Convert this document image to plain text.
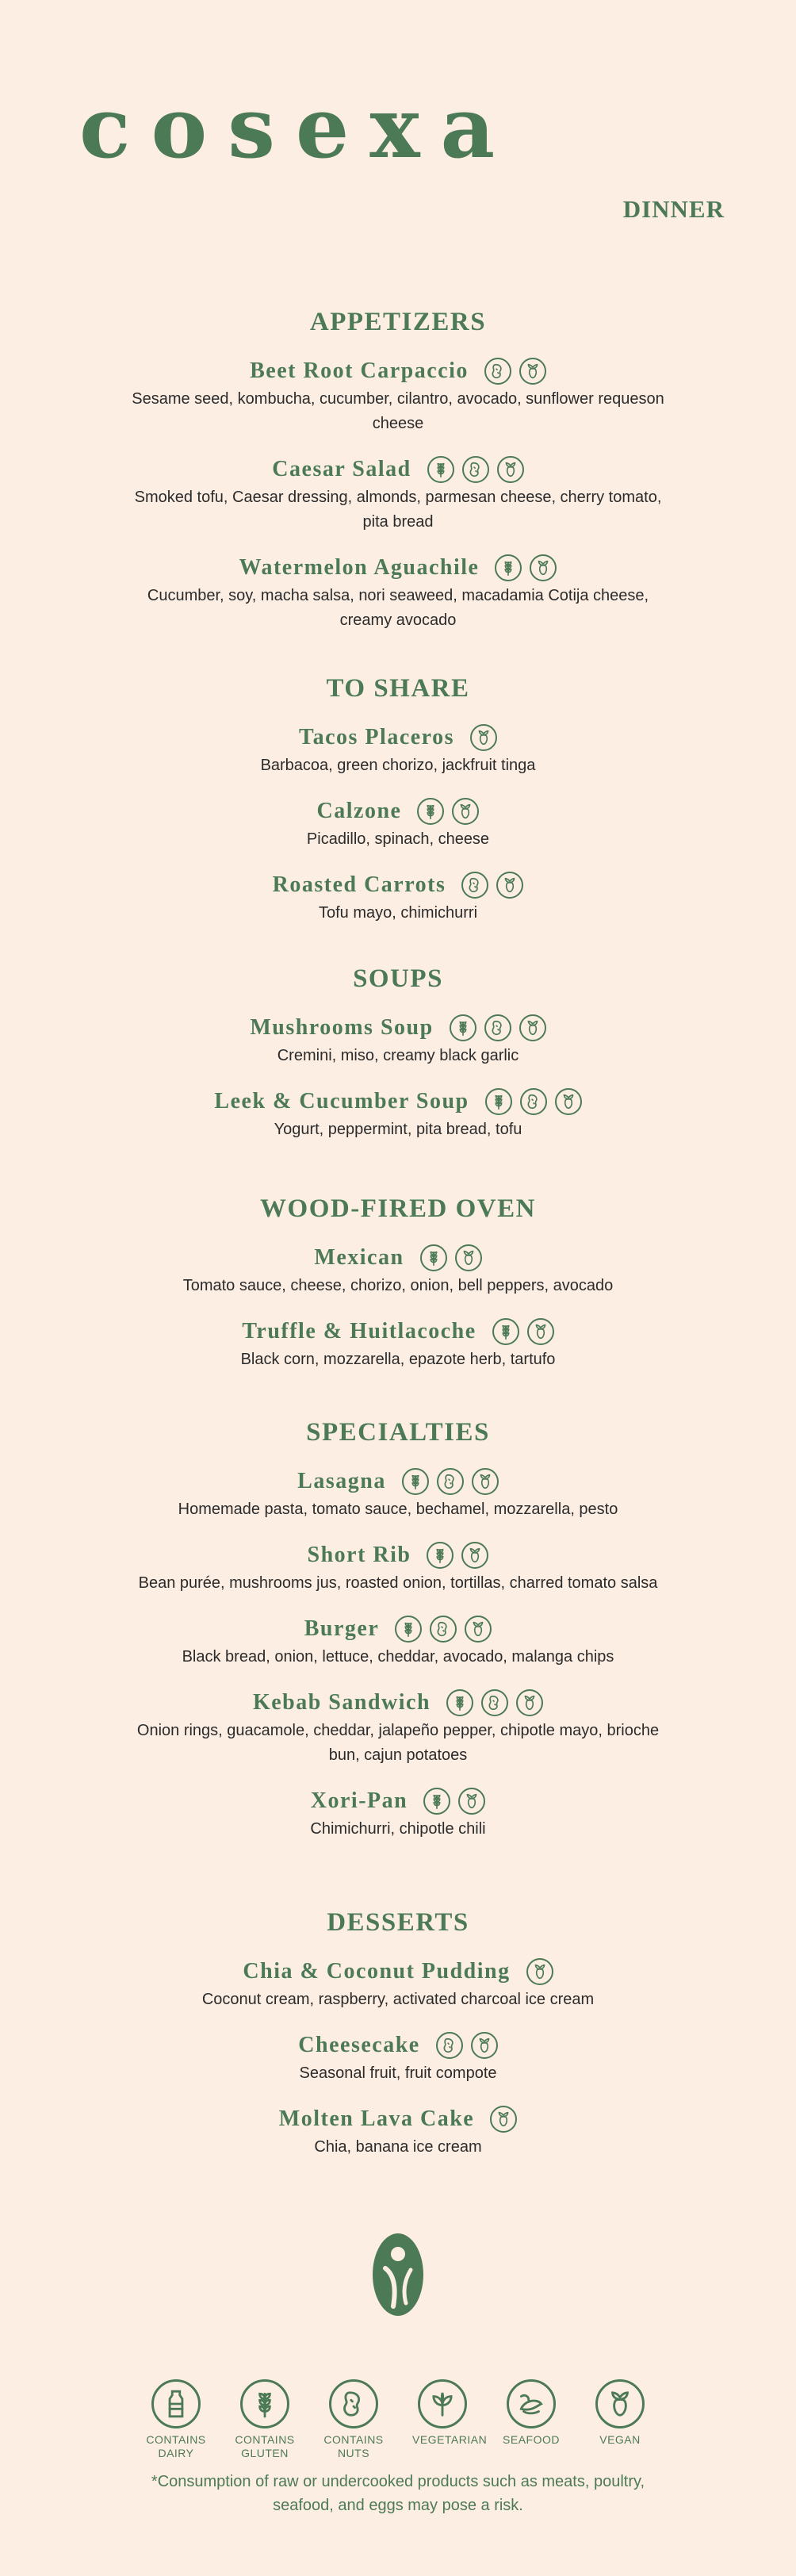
cosexa
DINNER
APPETIZERS
Beet Root Carpaccio
Sesame seed, kombucha, cucumber, cilantro, avocado, sunflower requeson cheese
Caesar Salad
Smoked tofu, Caesar dressing, almonds, parmesan cheese, cherry tomato, pita bread
Watermelon Aguachile
Cucumber, soy, macha salsa, nori seaweed, macadamia Cotija cheese, creamy avocado
TO SHARE
Tacos Placeros
Barbacoa, green chorizo, jackfruit tinga
Calzone
Picadillo, spinach, cheese
Roasted Carrots
Tofu mayo, chimichurri
SOUPS
Mushrooms Soup
Cremini, miso, creamy black garlic
Leek & Cucumber Soup
Yogurt, peppermint, pita bread, tofu
WOOD-FIRED OVEN
Mexican
Tomato sauce, cheese, chorizo, onion, bell peppers, avocado
Truffle & Huitlacoche
Black corn, mozzarella, epazote herb, tartufo
SPECIALTIES
Lasagna
Homemade pasta, tomato sauce, bechamel, mozzarella, pesto
Short Rib
Bean purée, mushrooms jus, roasted onion, tortillas, charred tomato salsa
Burger
Black bread, onion, lettuce, cheddar, avocado, malanga chips
Kebab Sandwich
Onion rings, guacamole, cheddar, jalapeño pepper, chipotle mayo, brioche bun, cajun potatoes
Xori-Pan
Chimichurri, chipotle chili
DESSERTS
Chia & Coconut Pudding
Coconut cream, raspberry, activated charcoal ice cream
Cheesecake
Seasonal fruit, fruit compote
Molten Lava Cake
Chia, banana ice cream
CONTAINS DAIRY
CONTAINS GLUTEN
CONTAINS NUTS
VEGETARIAN SEAFOOD	VEGAN
*Consumption of raw or undercooked products such as meats, poultry, seafood, and eggs may pose a risk.
